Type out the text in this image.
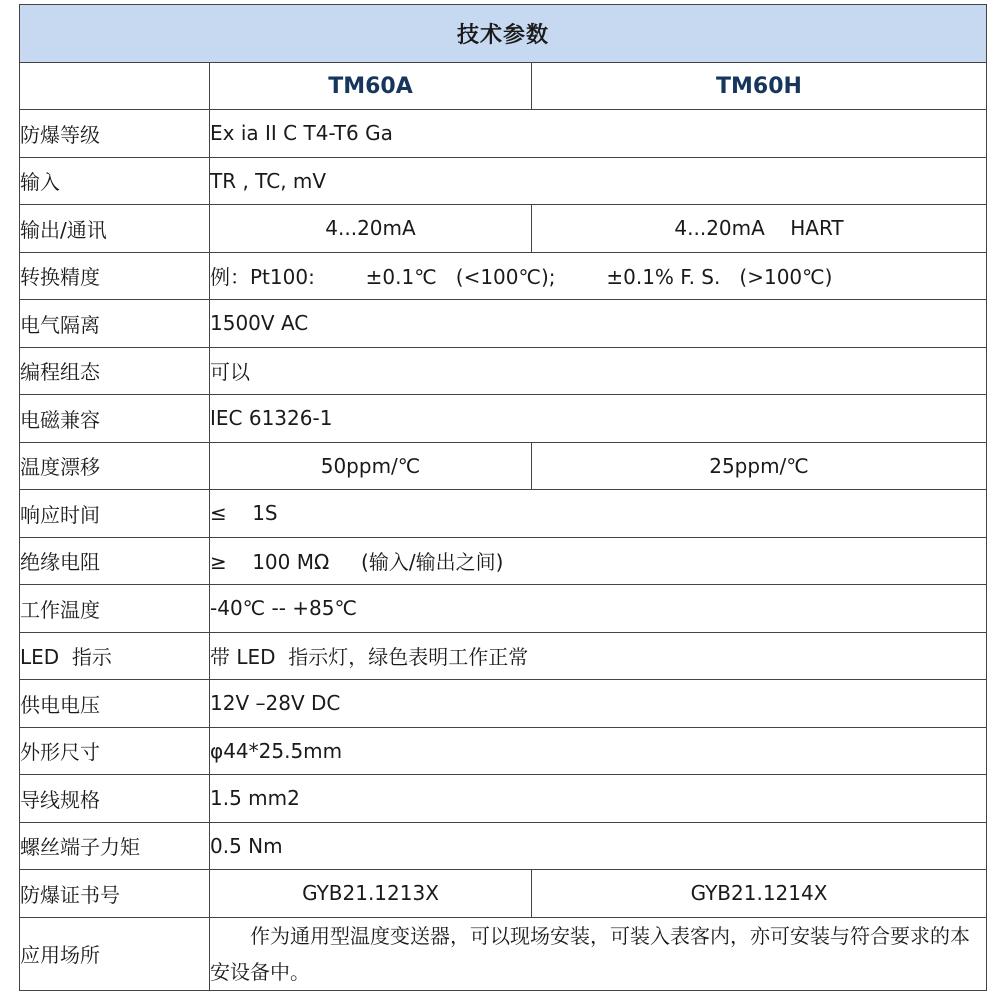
技术参数		
	TM60A	TM60H
防爆等级	Ex ia II C T4-T6 Ga	
输入	TR , TC, mV	
输出/通讯	4...20mA	4...20mA    HART
转换精度	例：Pt100:        ±0.1℃   (<100℃);        ±0.1% F. S.   (>100℃)	
电气隔离	1500V AC	
编程组态	可以	
电磁兼容	IEC 61326-1	
温度漂移	50ppm/℃	25ppm/℃
响应时间	≤    1S	
绝缘电阻	≥    100 MΩ     (输入/输出之间)	
工作温度	-40℃ -- +85℃	
LED  指示	带 LED  指示灯，绿色表明工作正常	
供电电压	12V –28V DC	
外形尺寸	φ44*25.5mm	
导线规格	1.5 mm2	
螺丝端子力矩	0.5 Nm	
防爆证书号	GYB21.1213X	GYB21.1214X
应用场所	作为通用型温度变送器，可以现场安装，可装入表客内，亦可安装与符合要求的本安设备中。	
